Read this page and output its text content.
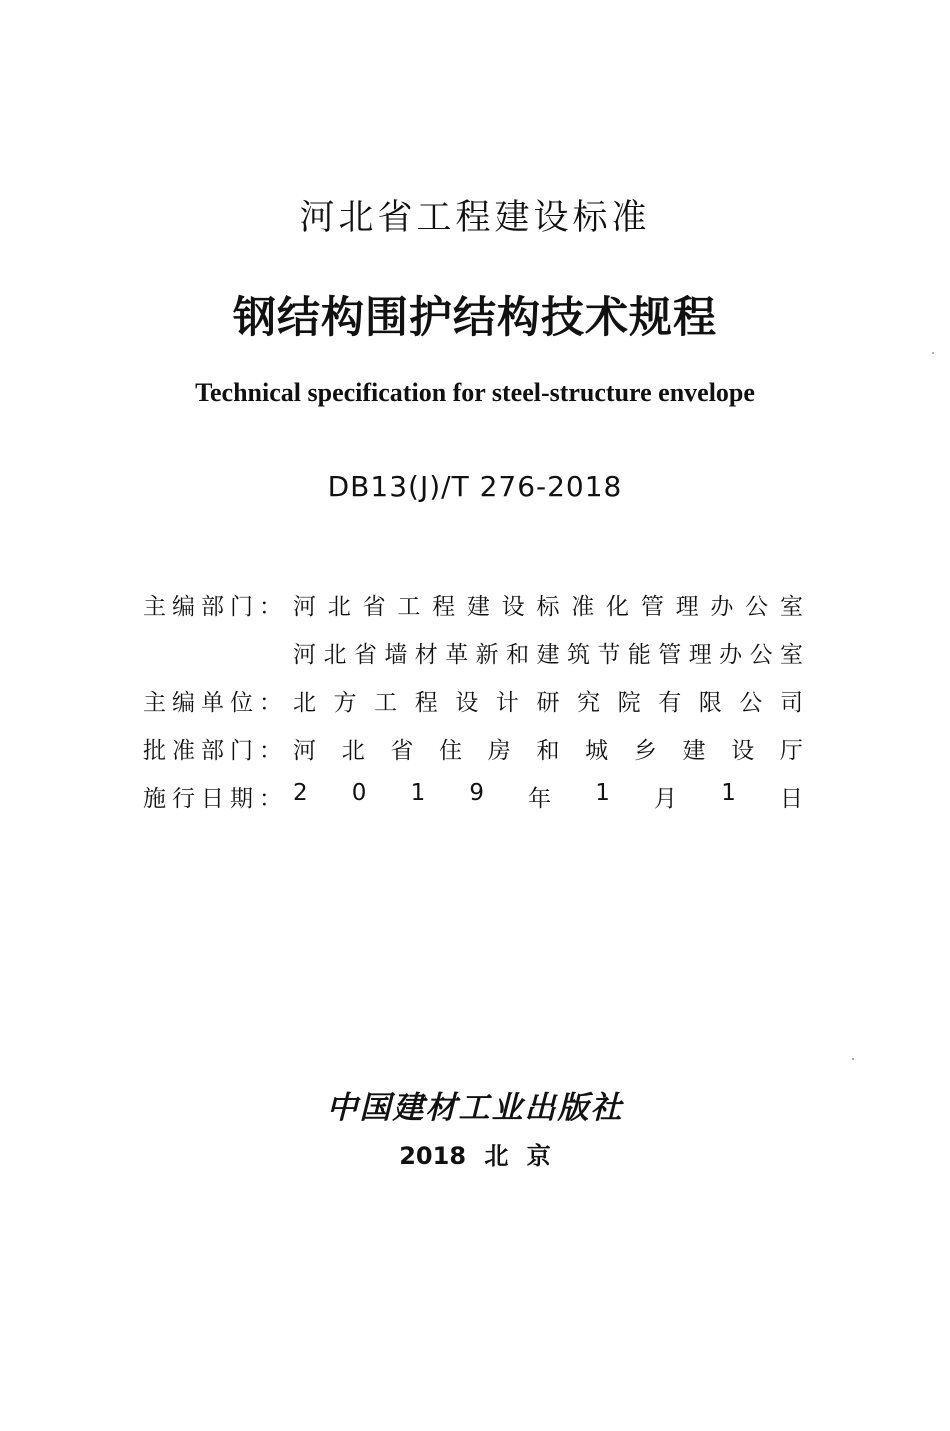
河北省工程建设标准
钢结构围护结构技术规程
Technical specification for steel-structure envelope
DB13(J)/T 276-2018
主编部门： 河 北 省 工 程 建 设 标 准 化 管 理 办 公 室
河 北 省 墙 材 革 新 和 建 筑 节 能 管 理 办 公 室
主编单位： 北 方 工 程 设 计 研 究 院 有 限 公 司
批准部门： 河 北 省 住 房 和 城 乡 建 设 厅
施行日期： 2 0 1 9 年 1 月 1 日
中国建材工业出版社
2018 北 京
